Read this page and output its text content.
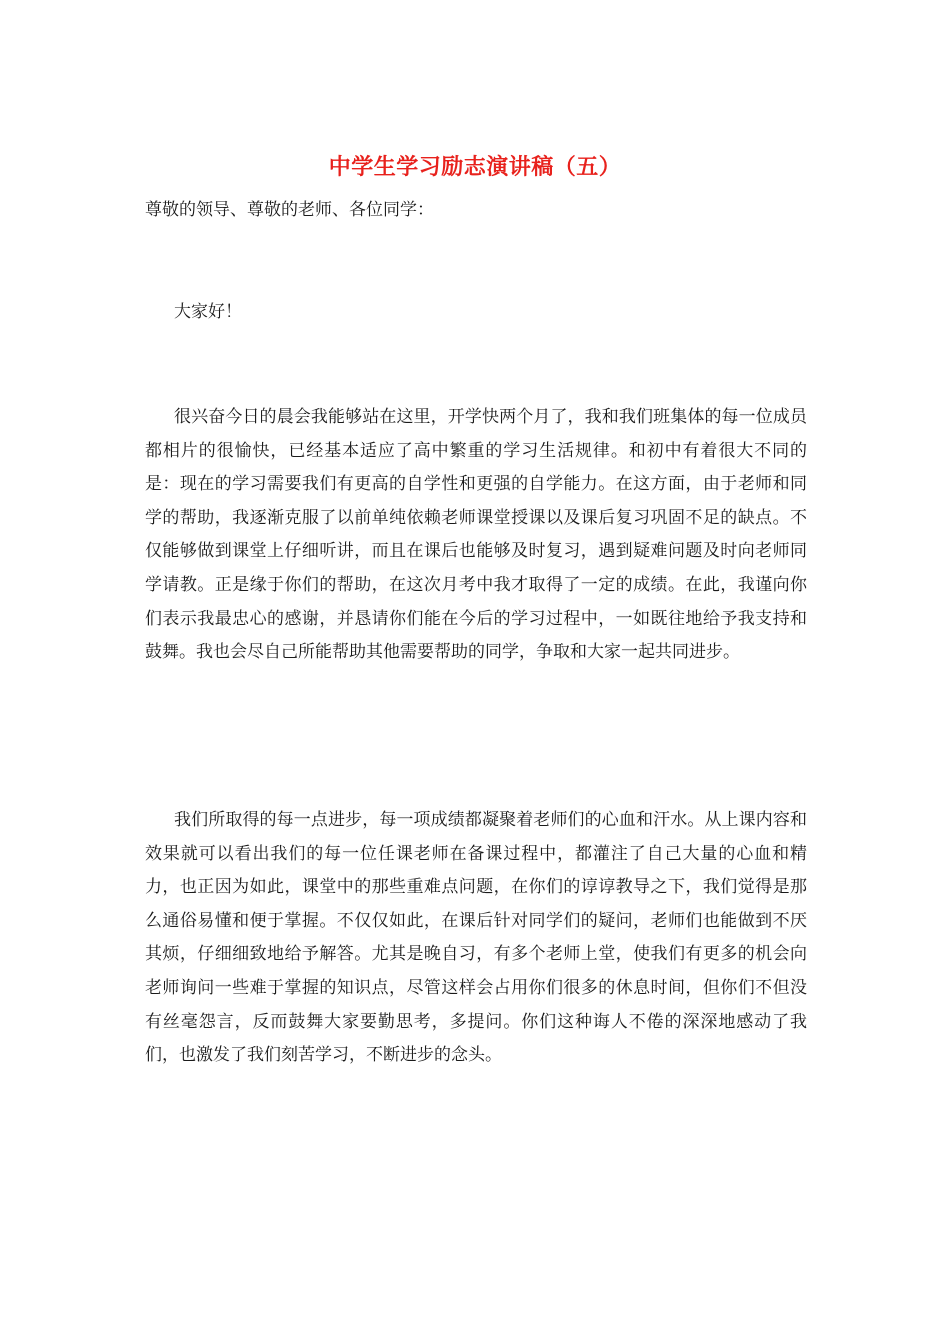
中学生学习励志演讲稿（五）

尊敬的领导、尊敬的老师、各位同学：

大家好！

很兴奋今日的晨会我能够站在这里，开学快两个月了，我和我们班集体的每一位成员都相片的很愉快，已经基本适应了高中繁重的学习生活规律。和初中有着很大不同的是：现在的学习需要我们有更高的自学性和更强的自学能力。在这方面，由于老师和同学的帮助，我逐渐克服了以前单纯依赖老师课堂授课以及课后复习巩固不足的缺点。不仅能够做到课堂上仔细听讲，而且在课后也能够及时复习，遇到疑难问题及时向老师同学请教。正是缘于你们的帮助，在这次月考中我才取得了一定的成绩。在此，我谨向你们表示我最忠心的感谢，并恳请你们能在今后的学习过程中，一如既往地给予我支持和鼓舞。我也会尽自己所能帮助其他需要帮助的同学，争取和大家一起共同进步。

我们所取得的每一点进步，每一项成绩都凝聚着老师们的心血和汗水。从上课内容和效果就可以看出我们的每一位任课老师在备课过程中，都灌注了自己大量的心血和精力，也正因为如此，课堂中的那些重难点问题，在你们的谆谆教导之下，我们觉得是那么通俗易懂和便于掌握。不仅仅如此，在课后针对同学们的疑问，老师们也能做到不厌其烦，仔细细致地给予解答。尤其是晚自习，有多个老师上堂，使我们有更多的机会向老师询问一些难于掌握的知识点，尽管这样会占用你们很多的休息时间，但你们不但没有丝毫怨言，反而鼓舞大家要勤思考，多提问。你们这种诲人不倦的深深地感动了我们，也激发了我们刻苦学习，不断进步的念头。
